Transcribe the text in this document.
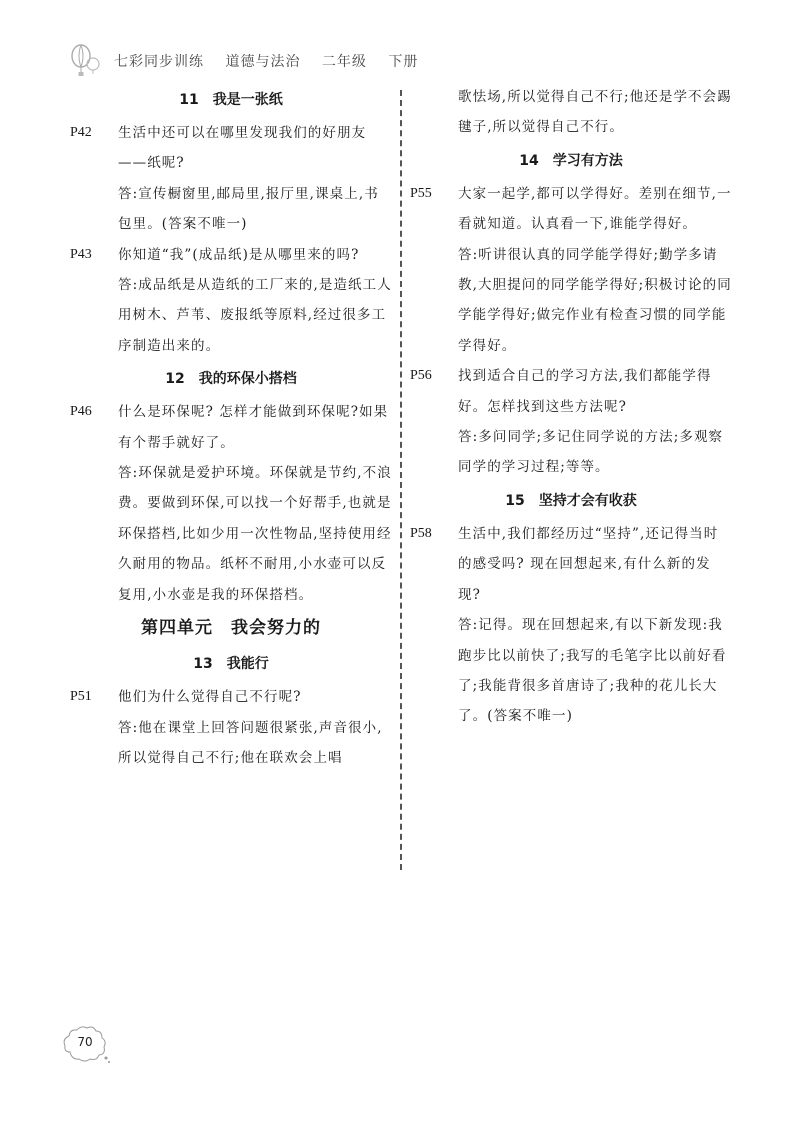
七彩同步训练 道德与法治 二年级 下册
11　我是一张纸
P42 生活中还可以在哪里发现我们的好朋友——纸呢?

答:宣传橱窗里,邮局里,报厅里,课桌上,书包里。(答案不唯一)

P43 你知道“我”(成品纸)是从哪里来的吗?

答:成品纸是从造纸的工厂来的,是造纸工人用树木、芦苇、废报纸等原料,经过很多工序制造出来的。

12　我的环保小搭档
P46 什么是环保呢? 怎样才能做到环保呢?如果有个帮手就好了。

答:环保就是爱护环境。环保就是节约,不浪费。要做到环保,可以找一个好帮手,也就是环保搭档,比如少用一次性物品,坚持使用经久耐用的物品。纸杯不耐用,小水壶可以反复用,小水壶是我的环保搭档。

第四单元　我会努力的
13　我能行
P51 他们为什么觉得自己不行呢?

答:他在课堂上回答问题很紧张,声音很小,所以觉得自己不行;他在联欢会上唱

歌怯场,所以觉得自己不行;他还是学不会踢毽子,所以觉得自己不行。

14　学习有方法
P55 大家一起学,都可以学得好。差别在细节,一看就知道。认真看一下,谁能学得好。

答:听讲很认真的同学能学得好;勤学多请教,大胆提问的同学能学得好;积极讨论的同学能学得好;做完作业有检查习惯的同学能学得好。

P56 找到适合自己的学习方法,我们都能学得好。怎样找到这些方法呢?

答:多问同学;多记住同学说的方法;多观察同学的学习过程;等等。

15　坚持才会有收获
P58 生活中,我们都经历过“坚持”,还记得当时的感受吗? 现在回想起来,有什么新的发现?

答:记得。现在回想起来,有以下新发现:我跑步比以前快了;我写的毛笔字比以前好看了;我能背很多首唐诗了;我种的花儿长大了。(答案不唯一)

70
